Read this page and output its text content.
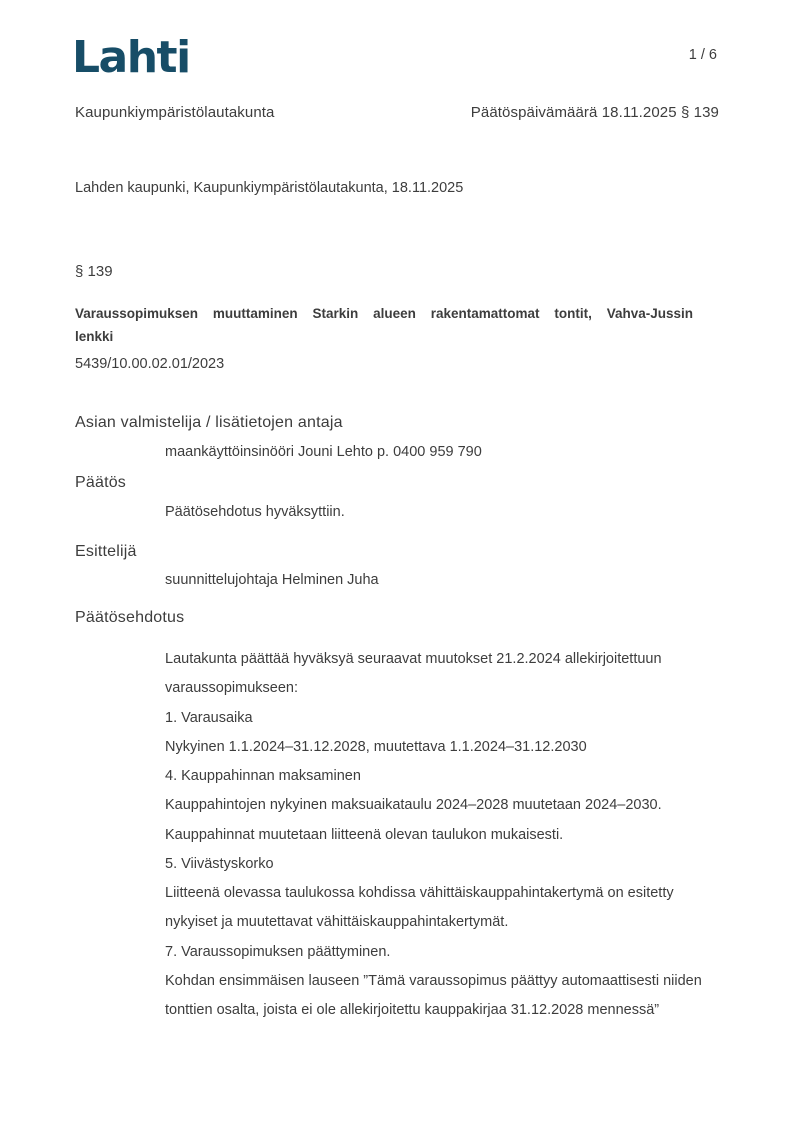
Lahti	1 / 6
Kaupunkiympäristölautakunta	Päätöspäivämäärä 18.11.2025 § 139
Lahden kaupunki, Kaupunkiympäristölautakunta, 18.11.2025
§ 139
Varaussopimuksen muuttaminen Starkin alueen rakentamattomat tontit, Vahva-Jussin
lenkki
5439/10.00.02.01/2023
Asian valmistelija / lisätietojen antaja
maankäyttöinsinööri Jouni Lehto p. 0400 959 790
Päätös
Päätösehdotus hyväksyttiin.
Esittelijä
suunnittelujohtaja Helminen Juha
Päätösehdotus
Lautakunta päättää hyväksyä seuraavat muutokset 21.2.2024 allekirjoitettuun
varaussopimukseen:
1. Varausaika
Nykyinen 1.1.2024–31.12.2028, muutettava 1.1.2024–31.12.2030
4. Kauppahinnan maksaminen
Kauppahintojen nykyinen maksuaikataulu 2024–2028 muutetaan 2024–2030.
Kauppahinnat muutetaan liitteenä olevan taulukon mukaisesti.
5. Viivästyskorko
Liitteenä olevassa taulukossa kohdissa vähittäiskauppahintakertymä on esitetty
nykyiset ja muutettavat vähittäiskauppahintakertymät.
7. Varaussopimuksen päättyminen.
Kohdan ensimmäisen lauseen ”Tämä varaussopimus päättyy automaattisesti niiden
tonttien osalta, joista ei ole allekirjoitettu kauppakirjaa 31.12.2028 mennessä”
